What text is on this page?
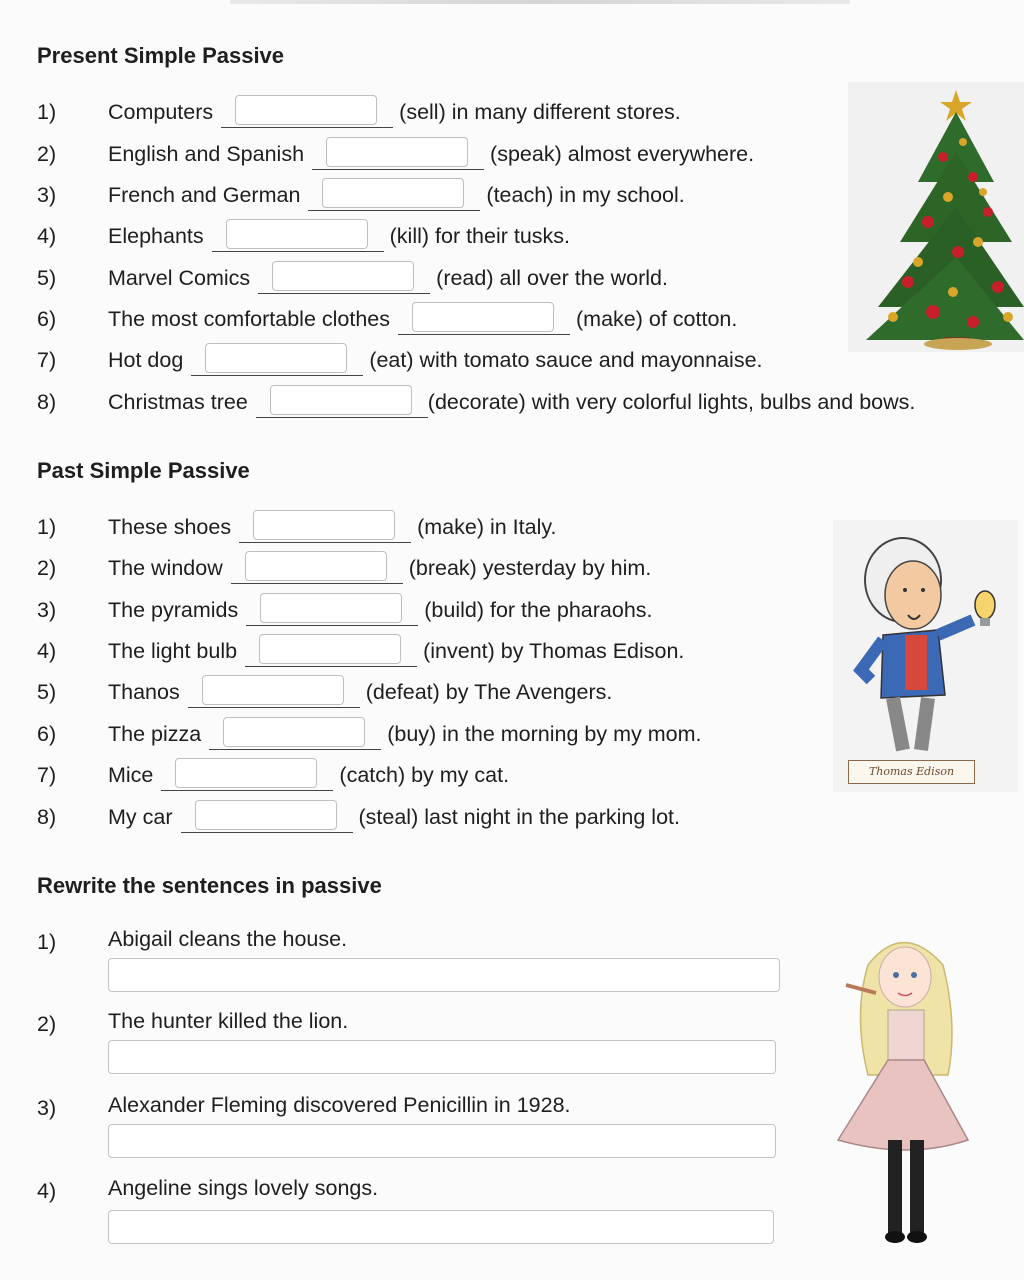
Present Simple Passive
1) Computers	(sell) in many different stores.
2) English and Spanish	(speak) almost everywhere.
3) French and German	(teach) in my school.
4) Elephants	(kill) for their tusks.
5) Marvel Comics	(read) all over the world.
6) The most comfortable clothes	(make) of cotton.
7) Hot dog	(eat) with tomato sauce and mayonnaise.
8) Christmas tree	(decorate) with very colorful lights, bulbs and bows.
Past Simple Passive
1) These shoes	(make) in Italy.
2) The window	(break) yesterday by him.
3) The pyramids	(build) for the pharaohs.
4) The light bulb	(invent) by Thomas Edison.
5) Thanos	(defeat) by The Avengers.
6) The pizza	(buy) in the morning by my mom.
7) Mice	(catch) by my cat.
8) My car	(steal) last night in the parking lot.
Rewrite the sentences in passive
1) Abigail cleans the house.
2) The hunter killed the lion.
3) Alexander Fleming discovered Penicillin in 1928.
4) Angeline sings lovely songs.
Thomas Edison
